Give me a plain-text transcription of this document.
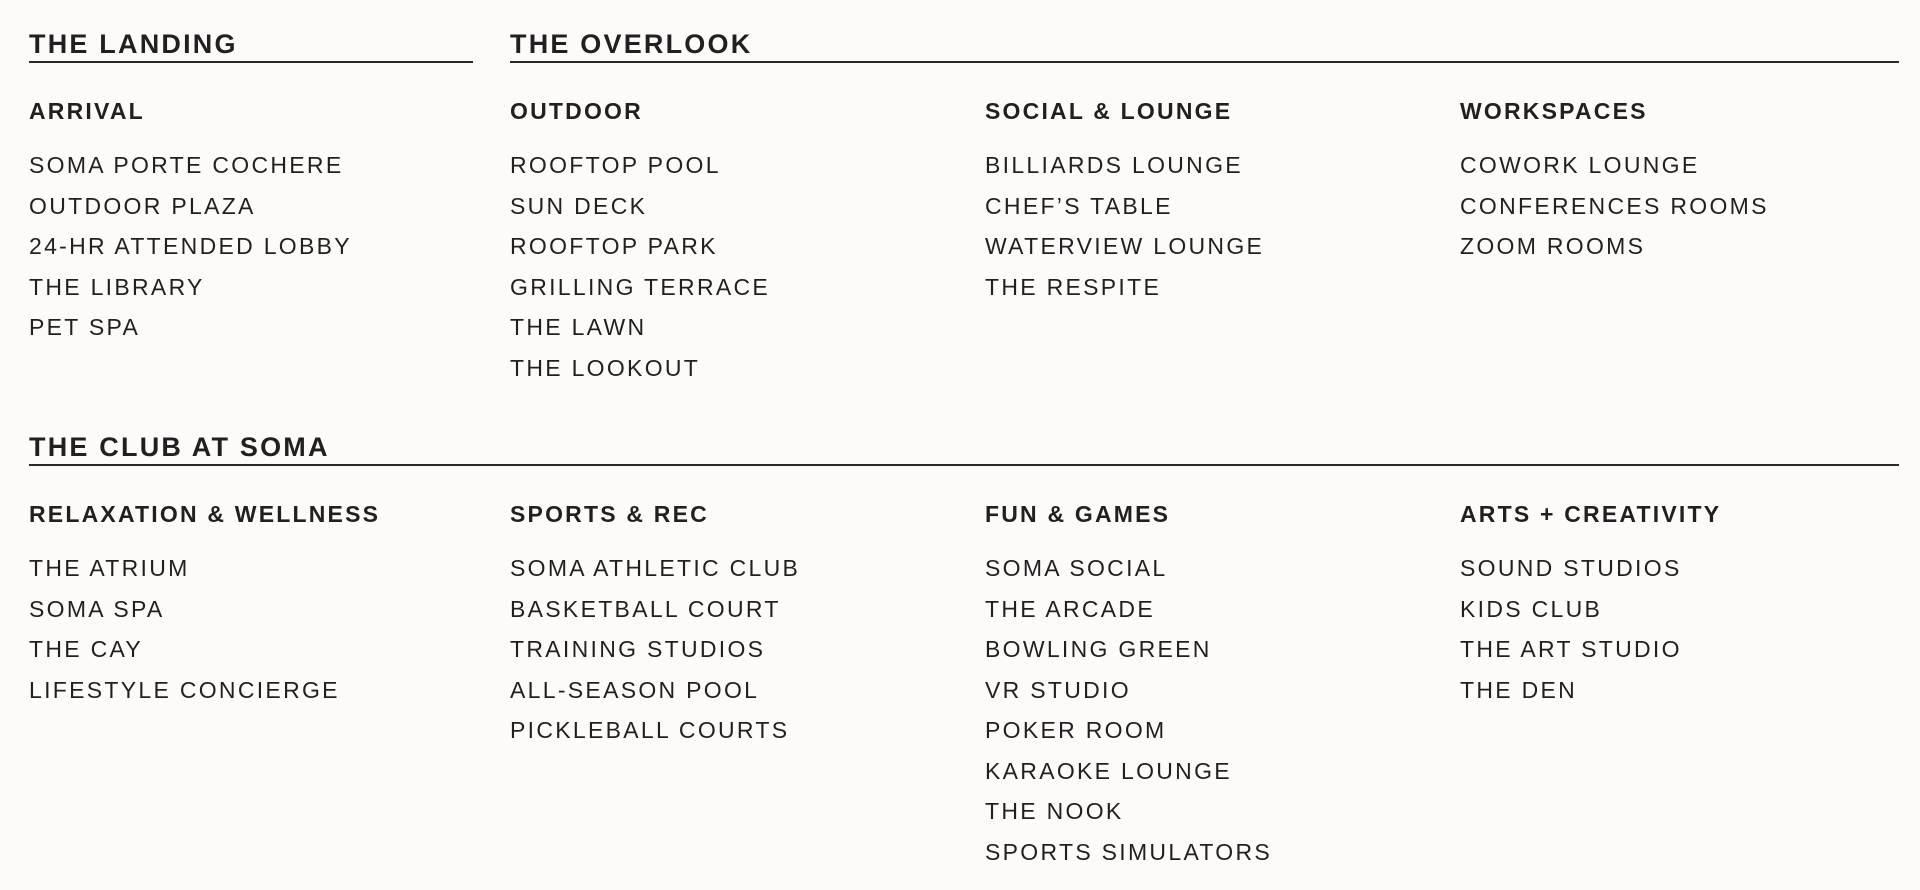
THE LANDING
ARRIVAL
SOMA PORTE COCHERE
OUTDOOR PLAZA
24-HR ATTENDED LOBBY
THE LIBRARY
PET SPA
THE OVERLOOK
OUTDOOR
ROOFTOP POOL
SUN DECK
ROOFTOP PARK
GRILLING TERRACE
THE LAWN
THE LOOKOUT
SOCIAL & LOUNGE
BILLIARDS LOUNGE
CHEF’S TABLE
WATERVIEW LOUNGE
THE RESPITE
WORKSPACES
COWORK LOUNGE
CONFERENCES ROOMS
ZOOM ROOMS
THE CLUB AT SOMA
RELAXATION & WELLNESS
THE ATRIUM
SOMA SPA
THE CAY
LIFESTYLE CONCIERGE
SPORTS & REC
SOMA ATHLETIC CLUB
BASKETBALL COURT
TRAINING STUDIOS
ALL-SEASON POOL
PICKLEBALL COURTS
FUN & GAMES
SOMA SOCIAL
THE ARCADE
BOWLING GREEN
VR STUDIO
POKER ROOM
KARAOKE LOUNGE
THE NOOK
SPORTS SIMULATORS
ARTS + CREATIVITY
SOUND STUDIOS
KIDS CLUB
THE ART STUDIO
THE DEN
